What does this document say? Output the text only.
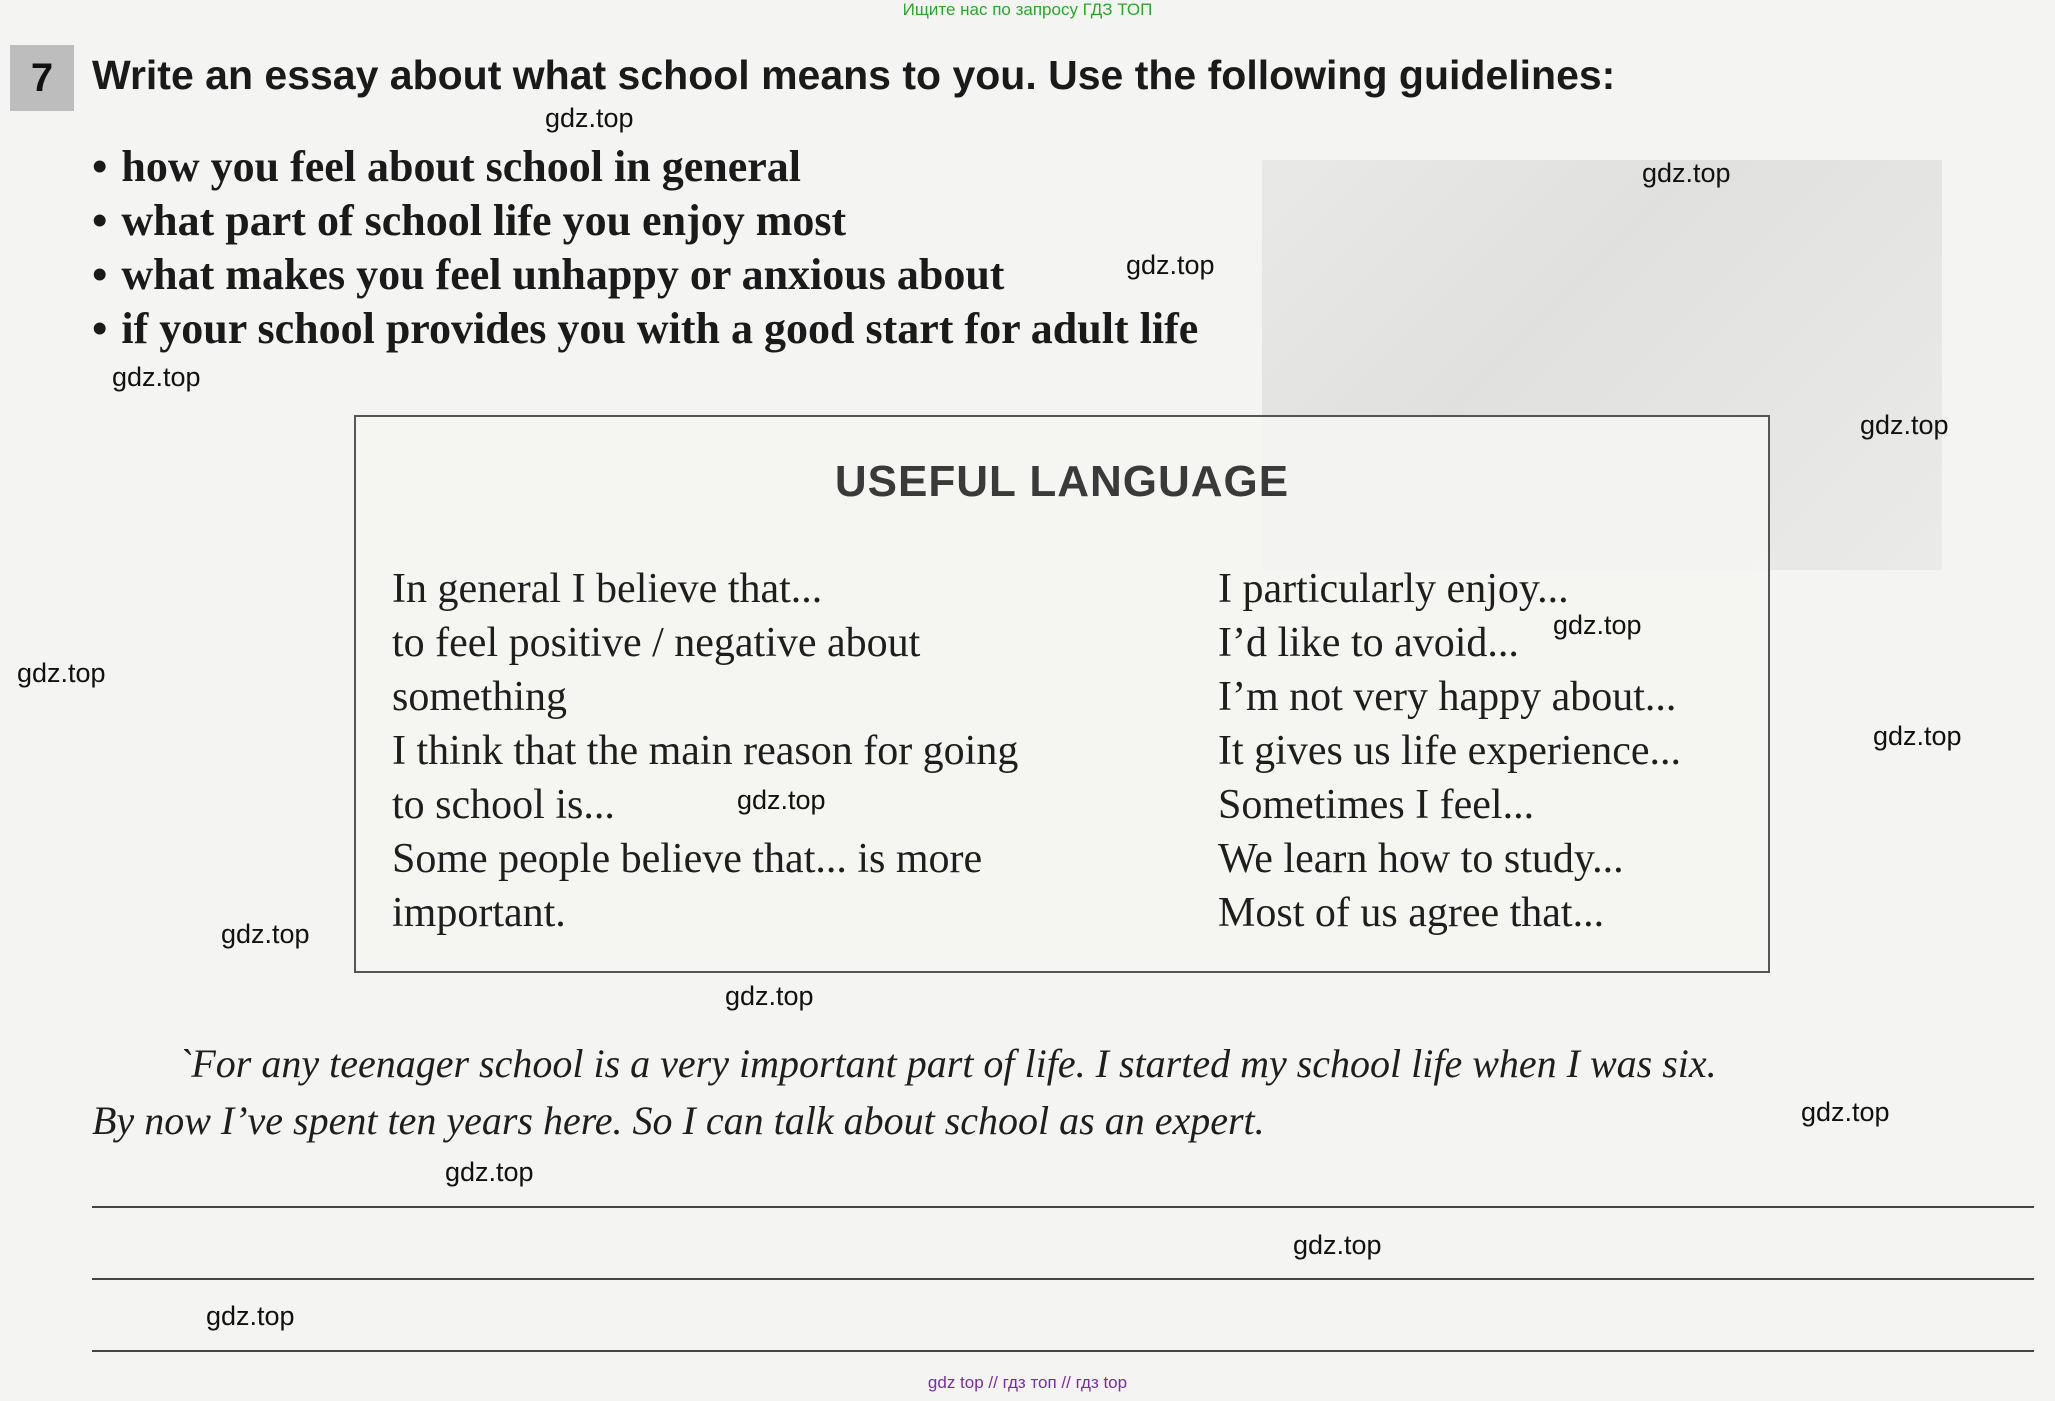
Ищите нас по запросу ГДЗ ТОП
7 Write an essay about what school means to you. Use the following guidelines:
• how you feel about school in general
• what part of school life you enjoy most
• what makes you feel unhappy or anxious about
• if your school provides you with a good start for adult life
USEFUL LANGUAGE
In general I believe that...
to feel positive / negative about
something
I think that the main reason for going
to school is...
Some people believe that... is more
important.
I particularly enjoy...
I’d like to avoid...
I’m not very happy about...
It gives us life experience...
Sometimes I feel...
We learn how to study...
Most of us agree that...
`For any teenager school is a very important part of life. I started my school life when I was six.
By now I’ve spent ten years here. So I can talk about school as an expert.
gdz.top
gdz.top
gdz.top
gdz.top
gdz.top
gdz.top
gdz.top
gdz.top
gdz.top
gdz.top
gdz.top
gdz.top
gdz.top
gdz.top
gdz.top
gdz top // гдз топ // гдз top
